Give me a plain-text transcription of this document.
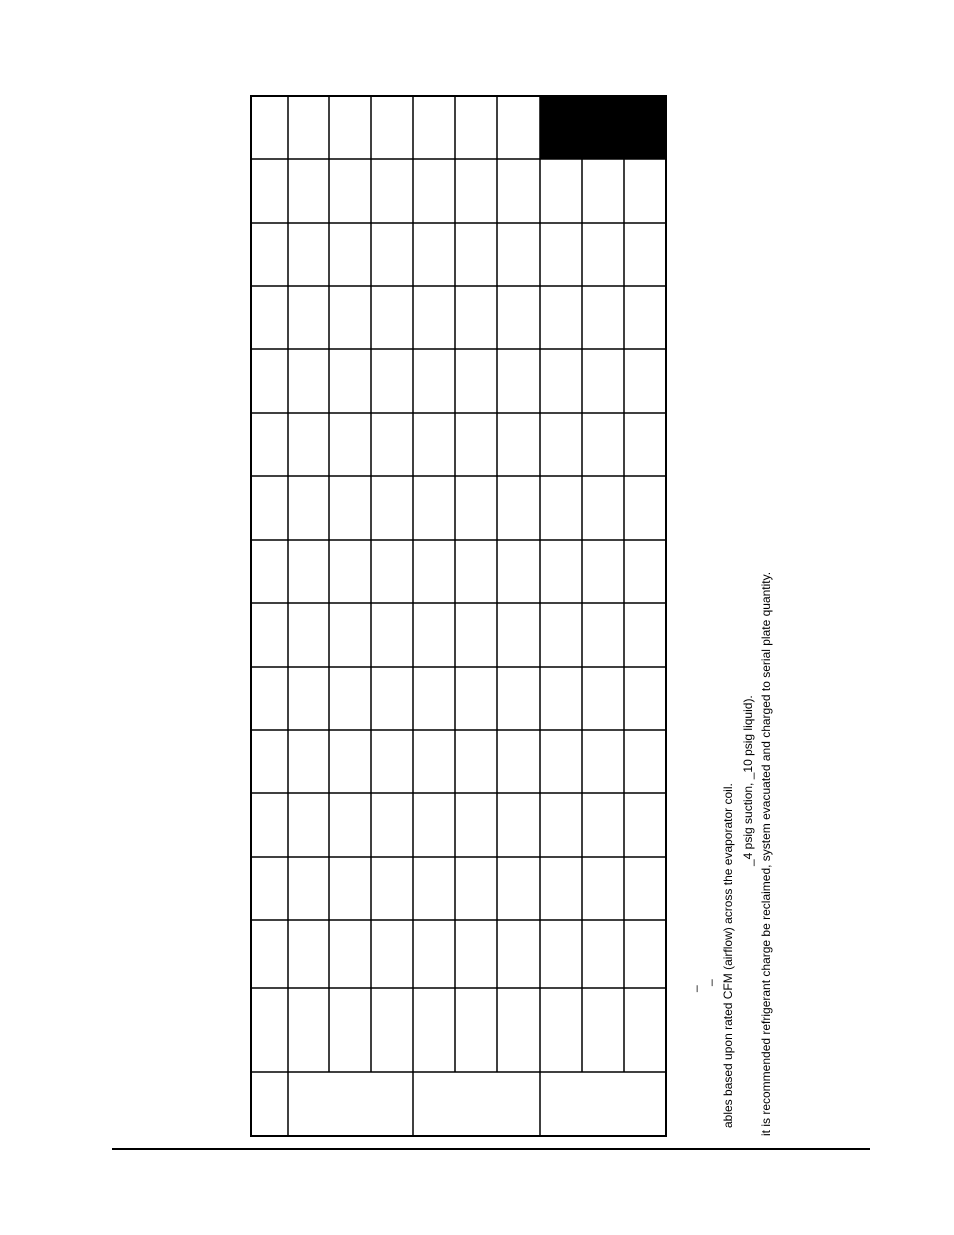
_
_ ables based upon rated CFM (airflow) across the evaporator coil.
_4 psig suction, _10 psig liquid). it is recommended refrigerant charge be reclaimed, system evacuated and charged to serial plate quantity.
